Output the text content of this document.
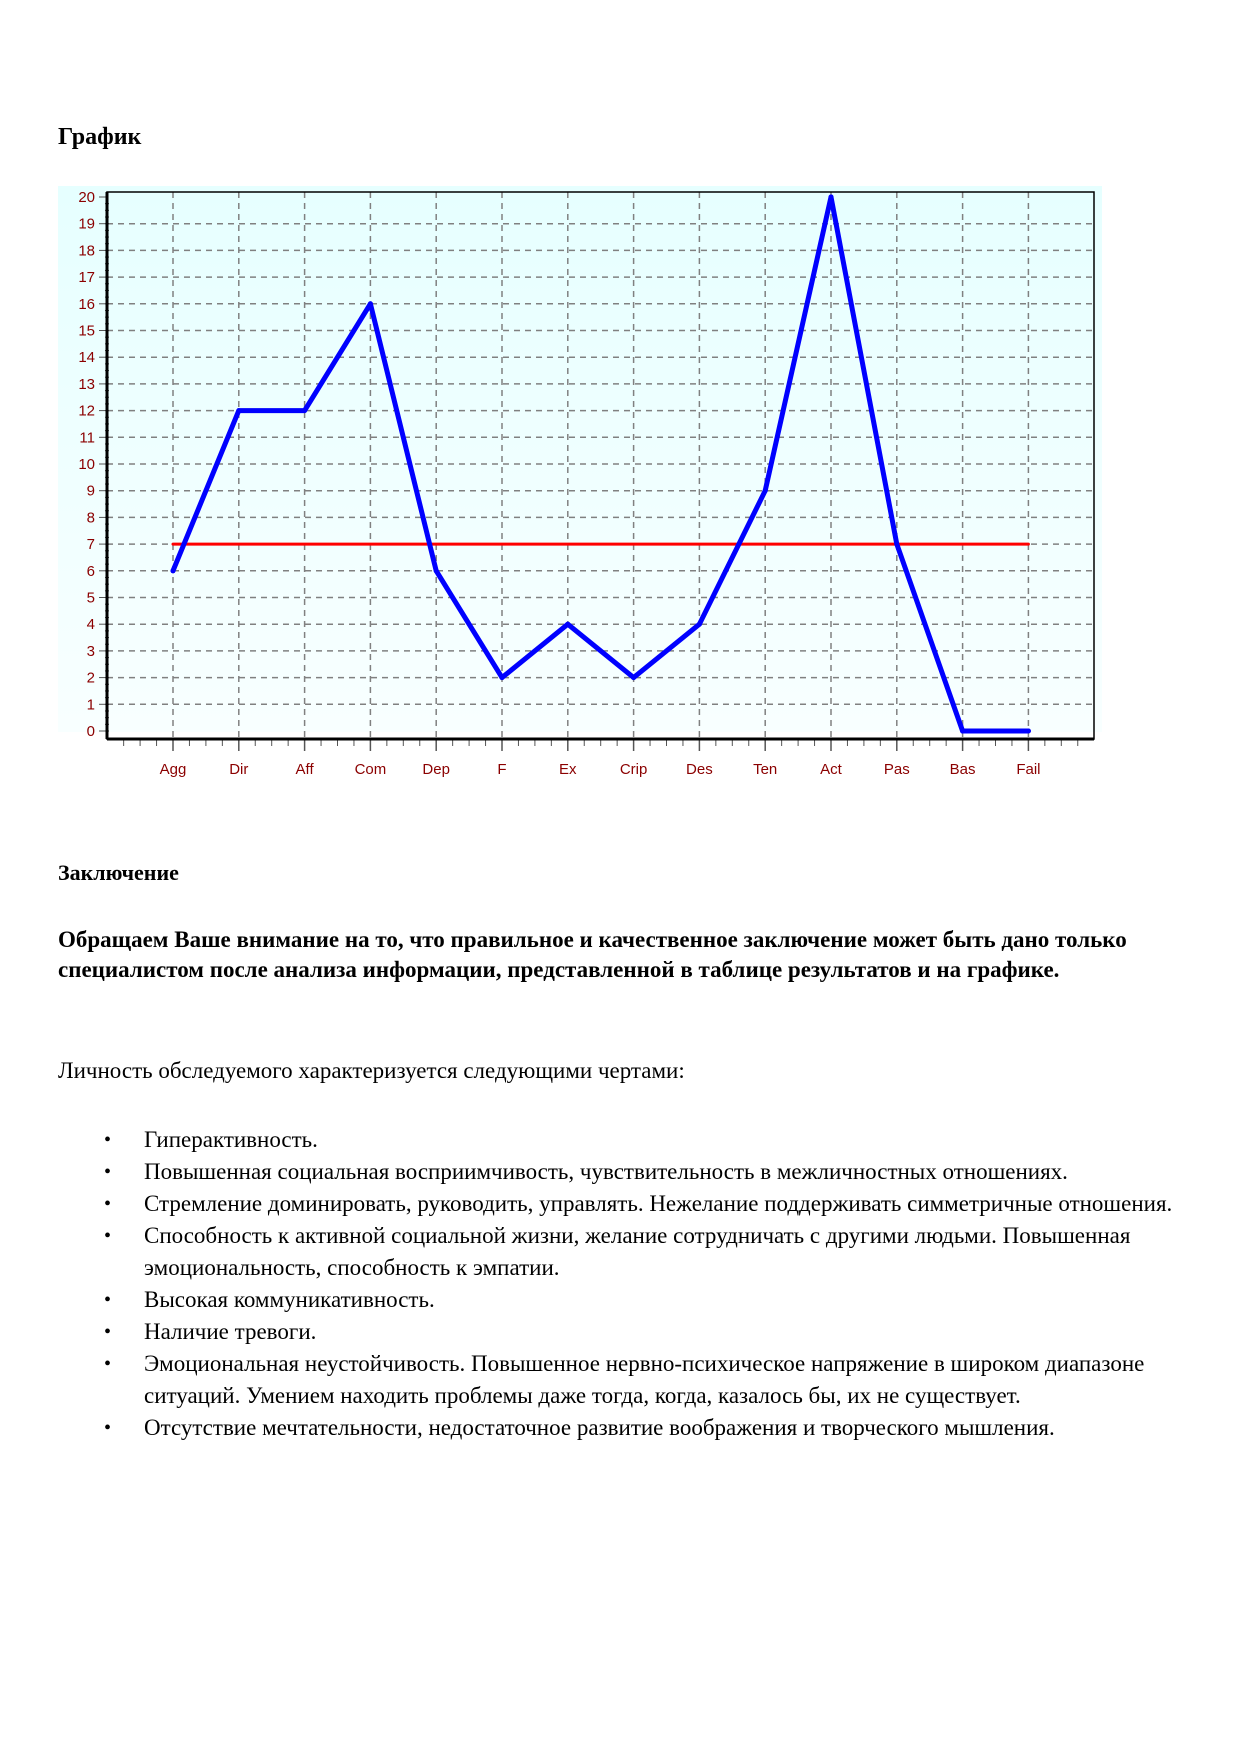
График
0
1
2
3
4
5
6
7
8
9
10
11
12
13
14
15
16
17
18
19
20
Agg	Dir	Aff	Com Dep	F	Ex	Crip	Des	Ten	Act	Pas	Bas	Fail
Заключение

Обращаем Ваше внимание на то, что правильное и качественное заключение может быть дано только специалистом после анализа информации, представленной в таблице результатов и на графике.

Личность обследуемого характеризуется следующими чертами:

• Гиперактивность.
• Повышенная социальная восприимчивость, чувствительность в межличностных отношениях.
• Стремление доминировать, руководить, управлять. Нежелание поддерживать симметричные отношения.
• Способность к активной социальной жизни, желание сотрудничать с другими людьми. Повышенная эмоциональность, способность к эмпатии.
• Высокая коммуникативность.
• Наличие тревоги.
• Эмоциональная неустойчивость. Повышенное нервно-психическое напряжение в широком диапазоне ситуаций. Умением находить проблемы даже тогда, когда, казалось бы, их не существует.
• Отсутствие мечтательности, недостаточное развитие воображения и творческого мышления.
